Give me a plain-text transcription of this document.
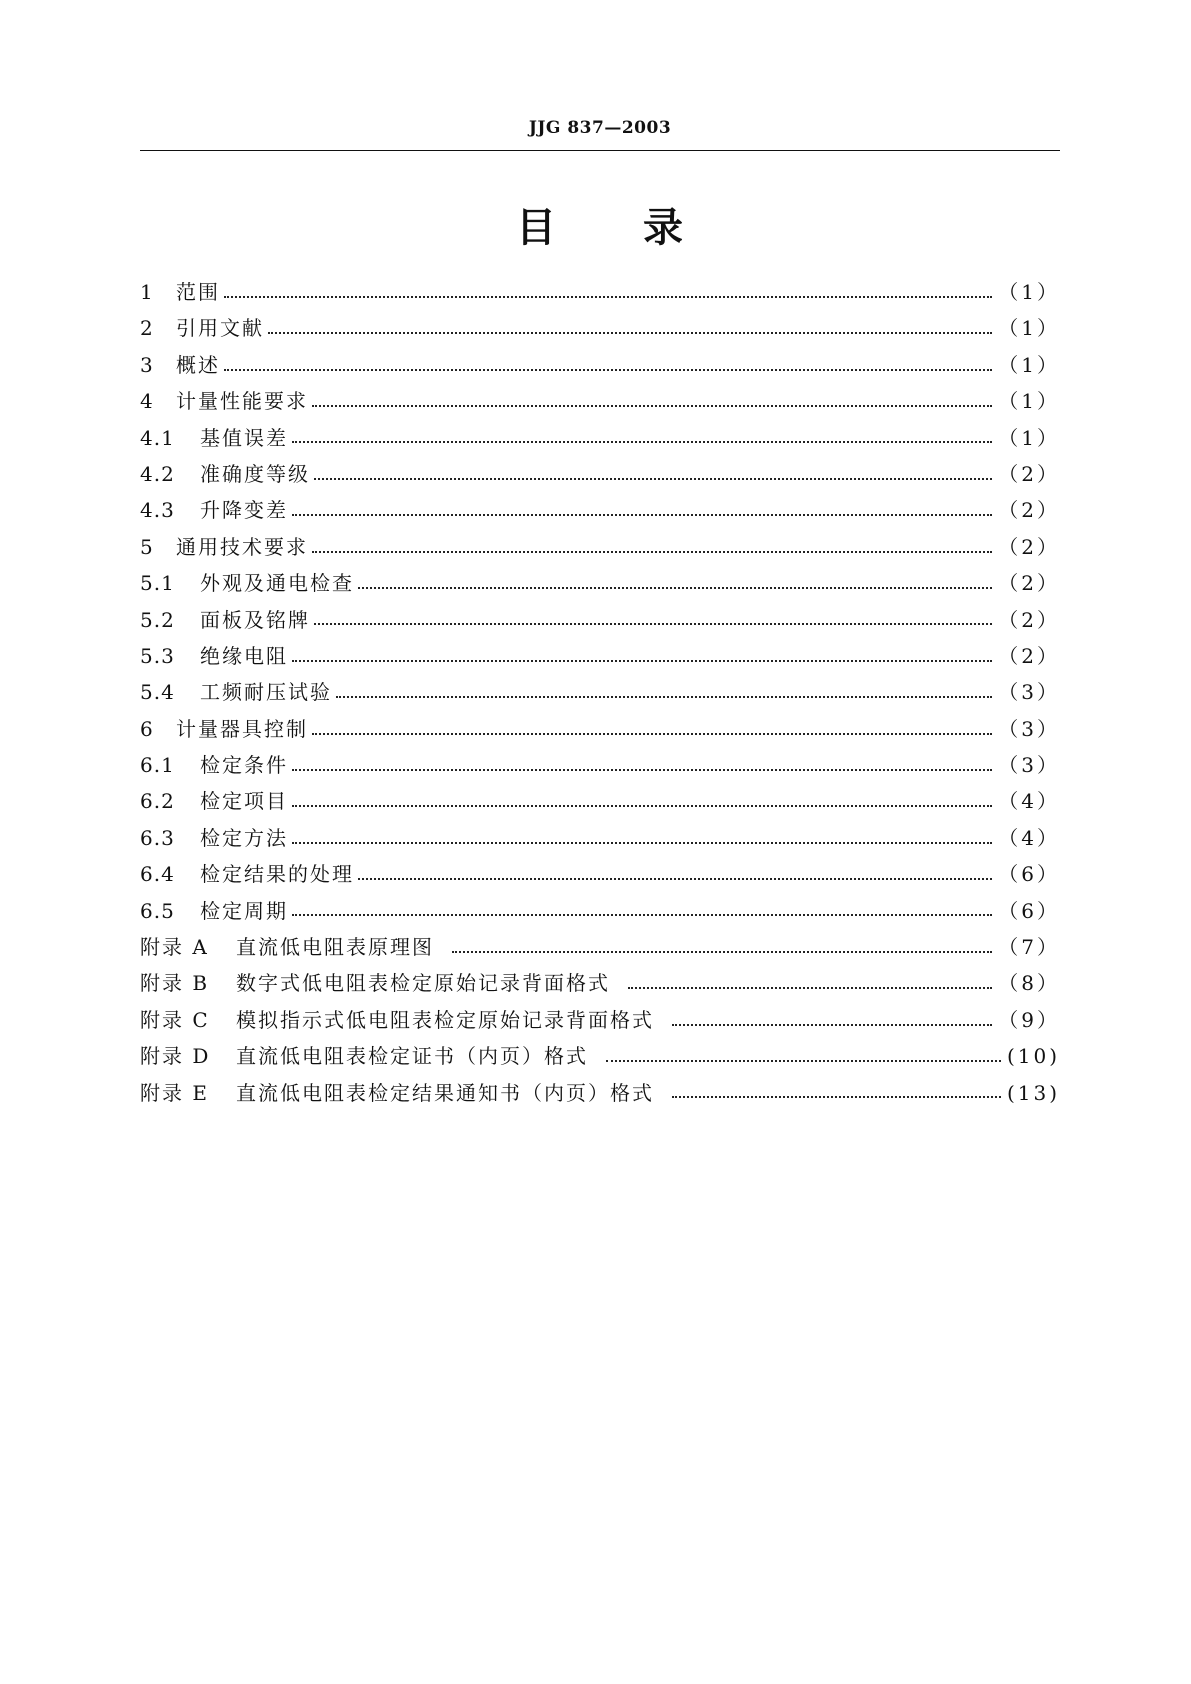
JJG 837—2003
目 录
1	范围	（1）
2	引用文献	（1）
3	概述	（1）
4	计量性能要求	（1）
4.1	基值误差	（1）
4.2	准确度等级	（2）
4.3	升降变差	（2）
5	通用技术要求	（2）
5.1	外观及通电检查	（2）
5.2	面板及铭牌	（2）
5.3	绝缘电阻	（2）
5.4	工频耐压试验	（3）
6	计量器具控制	（3）
6.1	检定条件	（3）
6.2	检定项目	（4）
6.3	检定方法	（4）
6.4	检定结果的处理	（6）
6.5	检定周期	（6）
附录 A	直流低电阻表原理图	（7）
附录 B	数字式低电阻表检定原始记录背面格式	（8）
附录 C	模拟指示式低电阻表检定原始记录背面格式	（9）
附录 D	直流低电阻表检定证书（内页）格式	(10)
附录 E	直流低电阻表检定结果通知书（内页）格式	(13)
